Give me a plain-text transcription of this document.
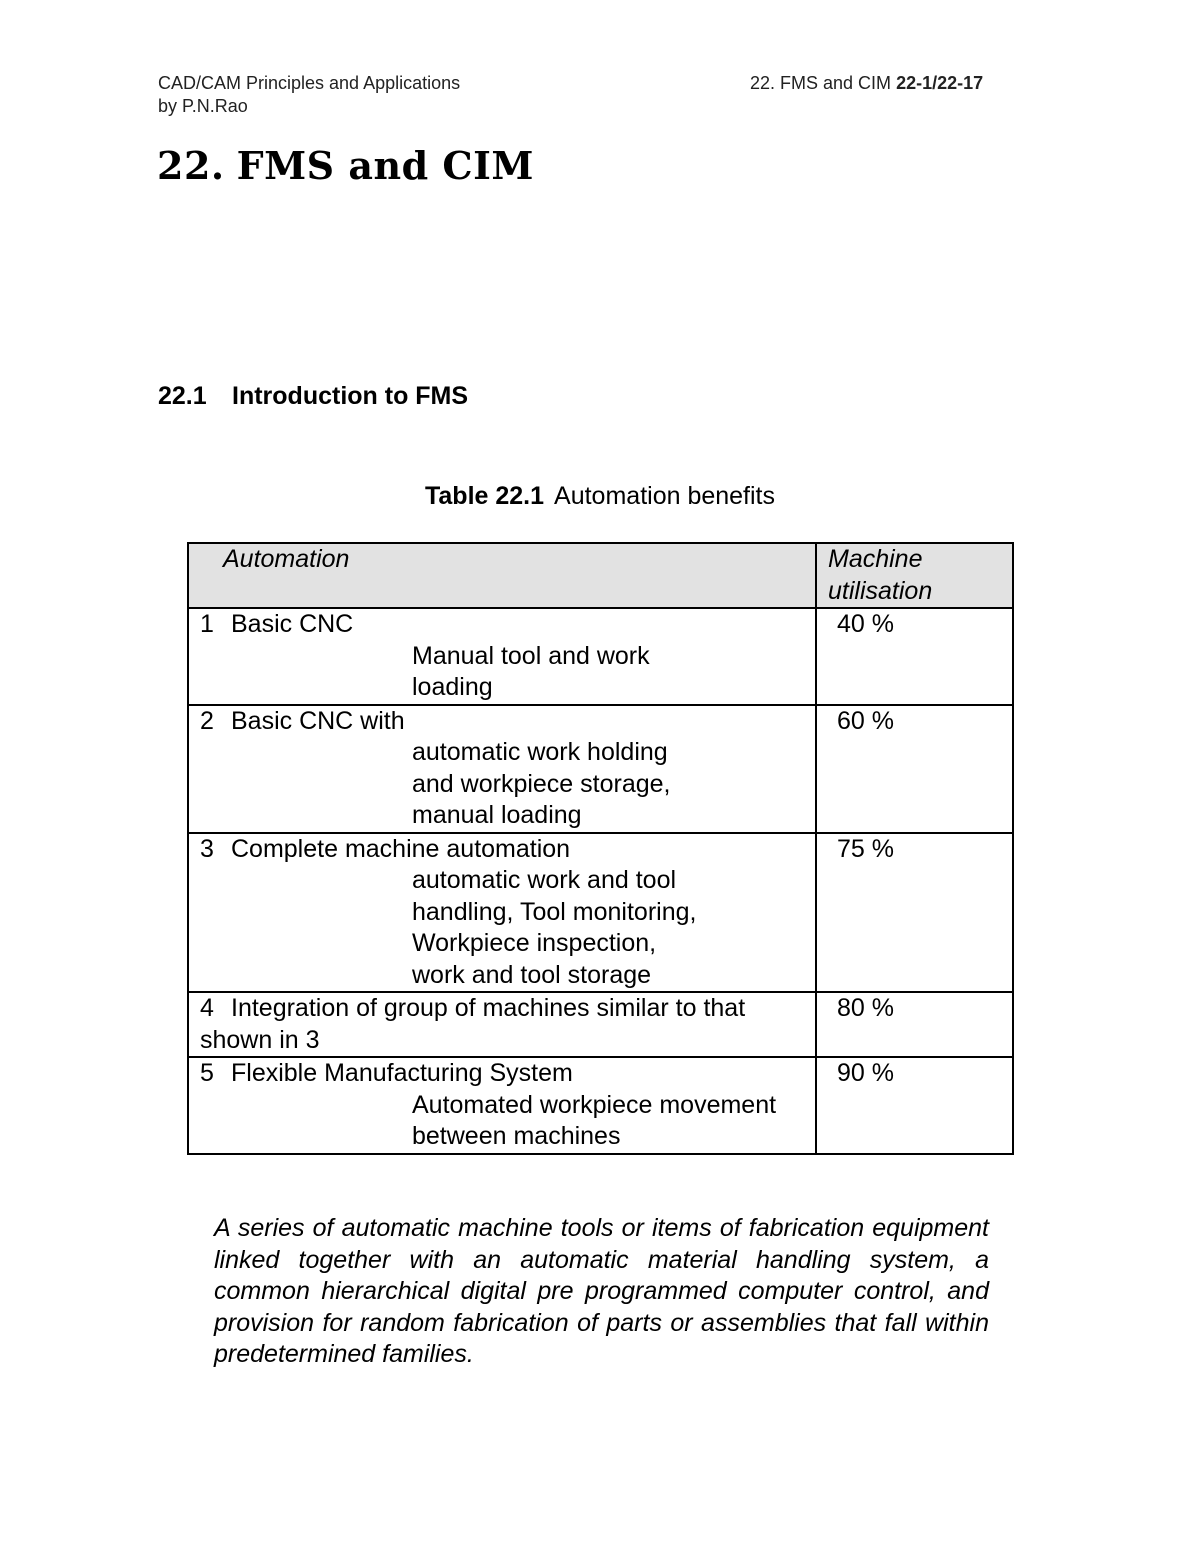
CAD/CAM Principles and Applications
by P.N.Rao
22. FMS and CIM 22-1/22-17
22. FMS and CIM
22.1 Introduction to FMS
Table 22.1 Automation benefits
Automation	Machine
utilisation

1 Basic CNC
Manual tool and work
loading	40 %

2 Basic CNC with
automatic work holding
and workpiece storage,
manual loading	60 %

3 Complete machine automation
automatic work and tool
handling, Tool monitoring,
Workpiece inspection,
work and tool storage	75 %

4 Integration of group of machines similar to that
shown in 3	80 %

5 Flexible Manufacturing System
Automated workpiece movement
between machines	90 %

A series of automatic machine tools or items of fabrication equipment linked together with an automatic material handling system, a common hierarchical digital pre programmed computer control, and provision for random fabrication of parts or assemblies that fall within predetermined families.
